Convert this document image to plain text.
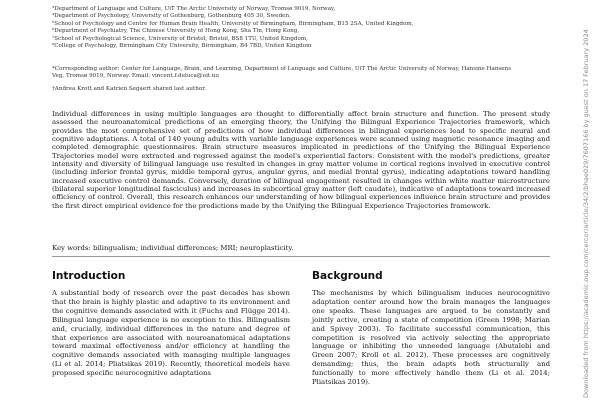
³Department of Language and Culture, UiT The Arctic University of Norway, Tromsø 9019, Norway,
⁴Department of Psychology, University of Gothenburg, Gothenburg 405 30, Sweden,
⁵School of Psychology and Centre for Human Brain Health, University of Birmingham, Birmingham, B15 2SA, United Kingdom,
⁶Department of Psychiatry, The Chinese University of Hong Kong, Sha Tin, Hong Kong,
⁷School of Psychological Science, University of Bristol, Bristol, BS8 1TU, United Kingdom,
⁸College of Psychology, Birmingham City University, Birmingham, B4 7BD, United Kingdom
*Corresponding author: Center for Language, Brain, and Learning, Department of Language and Culture, UiT The Arctic University of Norway, Hansine Hansens
Veg, Tromsø 9019, Norway. Email: vincent.f.deluca@uit.no
†Andrea Krott and Katrien Segaert shared last author.
Individual differences in using multiple languages are thought to differentially affect brain structure and function. The present study assessed the neuroanatomical predictions of an emerging theory, the Unifying the Bilingual Experience Trajectories framework, which provides the most comprehensive set of predictions of how individual differences in bilingual experiences lead to specific neural and cognitive adaptations. A total of 140 young adults with variable language experiences were scanned using magnetic resonance imaging and completed demographic questionnaires. Brain structure measures implicated in predictions of the Unifying the Bilingual Experience Trajectories model were extracted and regressed against the model's experiential factors. Consistent with the model's predictions, greater intensity and diversity of bilingual language use resulted in changes in gray matter volume in cortical regions involved in executive control (including inferior frontal gyrus, middle temporal gyrus, angular gyrus, and medial frontal gyrus), indicating adaptations toward handling increased executive control demands. Conversely, duration of bilingual engagement resulted in changes within white matter microstructure (bilateral superior longitudinal fasciculus) and increases in subcortical gray matter (left caudate), indicative of adaptations toward increased efficiency of control. Overall, this research enhances our understanding of how bilingual experiences influence brain structure and provides the first direct empirical evidence for the predictions made by the Unifying the Bilingual Experience Trajectories framework.
Key words: bilingualism; individual differences; MRI; neuroplasticity.
Introduction
A substantial body of research over the past decades has shown that the brain is highly plastic and adaptive to its environment and the cognitive demands associated with it (Fuchs and Flügge 2014). Bilingual language experience is no exception to this. Bilingualism and, crucially, individual differences in the nature and degree of that experience are associated with neuroanatomical adaptations toward maximal effectiveness and/or efficiency at handling the cognitive demands associated with managing multiple languages (Li et al. 2014; Pliatsikas 2019). Recently, theoretical models have proposed specific neurocognitive adaptations
Background
The mechanisms by which bilingualism induces neurocognitive adaptation center around how the brain manages the languages one speaks. These languages are argued to be constantly and jointly active, creating a state of competition (Green 1998; Marian and Spivey 2003). To facilitate successful communication, this competition is resolved via actively selecting the appropriate language or inhibiting the unneeded language (Abutalebi and Green 2007; Kroll et al. 2012). These processes are cognitively demanding; thus, the brain adapts both structurally and functionally to more effectively handle them (Li et al. 2014; Pliatsikas 2019).	Downloaded from https://academic.oup.com/cercor/article/34/2/bhae029/7607166 by guest on 17 February 2024
